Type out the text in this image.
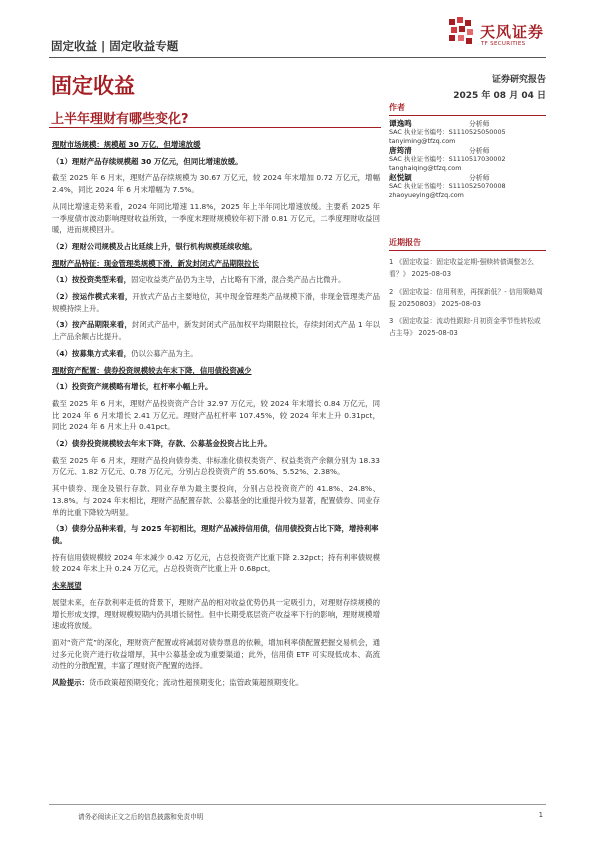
固定收益 | 固定收益专题
天风证券
TF SECURITIES
固定收益	证券研究报告
2025 年 08 月 04 日
上半年理财有哪些变化?
理财市场规模：规模超 30 万亿，但增速放缓
（1）理财产品存续规模超 30 万亿元，但同比增速放缓。

截至 2025 年 6 月末，理财产品存续规模为 30.67 万亿元，较 2024 年末增加 0.72 万亿元，增幅 2.4%，同比 2024 年 6 月末增幅为 7.5%。

从同比增速走势来看，2024 年同比增速 11.8%，2025 年上半年同比增速放缓。主要系 2025 年一季度债市波动影响理财收益所致，一季度末理财规模较年初下滑 0.81 万亿元，二季度理财收益回暖，进而规模回升。

（2）理财公司规模及占比延续上升，银行机构规模延续收缩。
理财产品特征：现金管理类规模下滑，新发封闭式产品期限拉长

（1）按投资类型来看，固定收益类产品仍为主导，占比略有下滑，混合类产品占比微升。

（2）按运作模式来看，开放式产品占主要地位，其中现金管理类产品规模下滑，非现金管理类产品规模持续上升。

（3）按产品期限来看，封闭式产品中，新发封闭式产品加权平均期限拉长，存续封闭式产品 1 年以上产品余额占比提升。

（4）按募集方式来看，仍以公募产品为主。

理财资产配置：债券投资规模较去年末下降，信用债投资减少
（1）投资资产规模略有增长，杠杆率小幅上升。

截至 2025 年 6 月末，理财产品投资资产合计 32.97 万亿元，较 2024 年末增长 0.84 万亿元，同比 2024 年 6 月末增长 2.41 万亿元。理财产品杠杆率 107.45%，较 2024 年末上升 0.31pct，同比 2024 年 6 月末上升 0.41pct。

（2）债券投资规模较去年末下降，存款、公募基金投资占比上升。

截至 2025 年 6 月末，理财产品投向债券类、非标准化债权类资产、权益类资产余额分别为 18.33 万亿元、1.82 万亿元、0.78 万亿元，分别占总投资资产的 55.60%、5.52%、2.38%。

其中债券、现金及银行存款、同业存单为最主要投向，分别占总投资资产的 41.8%、24.8%、13.8%。与 2024 年末相比，理财产品配置存款、公募基金的比重提升较为显著，配置债券、同业存单的比重下降较为明显。

（3）债券分品种来看，与 2025 年初相比，理财产品减持信用债，信用债投资占比下降，增持利率债。

持有信用债规模较 2024 年末减少 0.42 万亿元，占总投资资产比重下降 2.32pct；持有利率债规模较 2024 年末上升 0.24 万亿元，占总投资资产比重上升 0.68pct。

未来展望

展望未来，在存款利率走低的背景下，理财产品的相对收益优势仍具一定吸引力，对理财存续规模的增长形成支撑，理财规模短期内仍具增长韧性。但中长期受底层资产收益率下行的影响，理财规模增速或将放缓。

面对“资产荒”的深化，理财资产配置或将减弱对债券票息的依赖，增加利率债配置把握交易机会，通过多元化资产进行收益增厚，其中公募基金或为重要渠道；此外，信用债 ETF 可实现低成本、高流动性的分散配置，丰富了理财资产配置的选择。

风险提示：货币政策超预期变化；流动性超预期变化；监管政策超预期变化。

作者
谭逸鸣	分析师
SAC 执业证书编号：S1110525050005
tanyiming@tfzq.com
唐筠清	分析师
SAC 执业证书编号：S1110517030002
tanghaiqing@tfzq.com
赵悦颖	分析师
SAC 执业证书编号：S1110525070008
zhaoyueying@tfzq.com
近期报告
1 《固定收益：固定收益定期-强赎转债调整怎么看？》 2025-08-03
2 《固定收益：信用利差，再探新低？- 信用策略周报 20250803》 2025-08-03
3 《固定收益：流动性跟踪-月初资金季节性转松或占主导》 2025-08-03
请务必阅读正文之后的信息披露和免责申明	1
